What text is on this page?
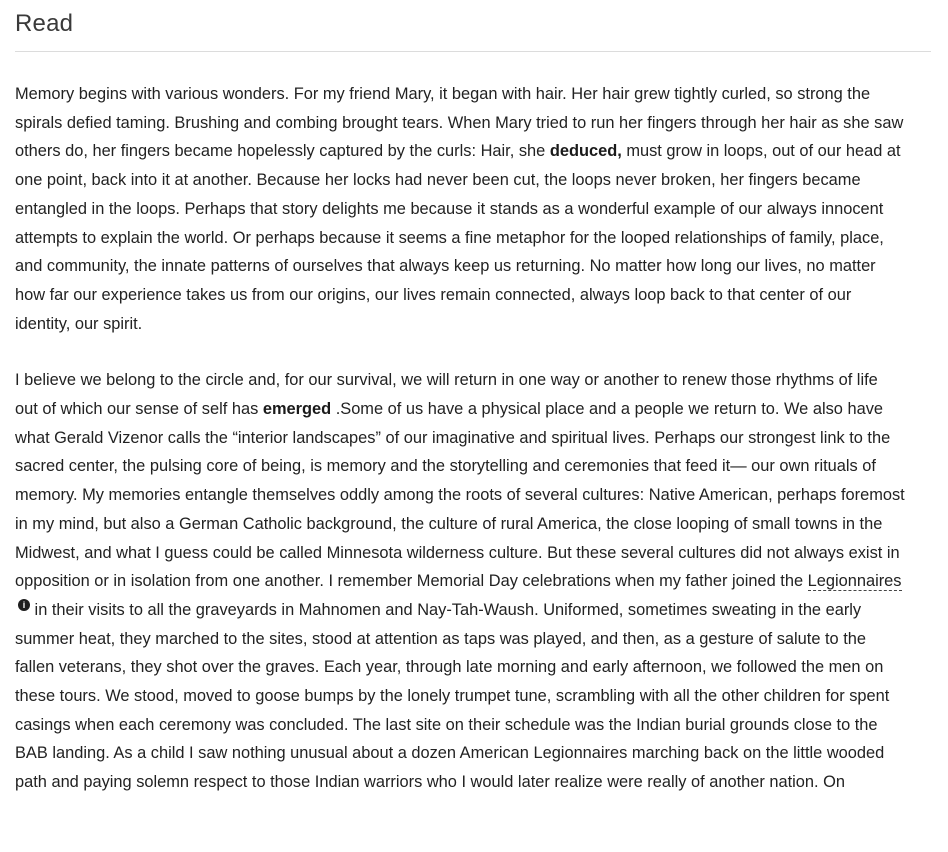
Read

Memory begins with various wonders. For my friend Mary, it began with hair. Her hair grew tightly curled, so strong the spirals defied taming. Brushing and combing brought tears. When Mary tried to run her fingers through her hair as she saw others do, her fingers became hopelessly captured by the curls: Hair, she deduced, must grow in loops, out of our head at one point, back into it at another. Because her locks had never been cut, the loops never broken, her fingers became entangled in the loops. Perhaps that story delights me because it stands as a wonderful example of our always innocent attempts to explain the world. Or perhaps because it seems a fine metaphor for the looped relationships of family, place, and community, the innate patterns of ourselves that always keep us returning. No matter how long our lives, no matter how far our experience takes us from our origins, our lives remain connected, always loop back to that center of our identity, our spirit.

I believe we belong to the circle and, for our survival, we will return in one way or another to renew those rhythms of life out of which our sense of self has emerged .Some of us have a physical place and a people we return to. We also have what Gerald Vizenor calls the “interior landscapes” of our imaginative and spiritual lives. Perhaps our strongest link to the sacred center, the pulsing core of being, is memory and the storytelling and ceremonies that feed it— our own rituals of memory. My memories entangle themselves oddly among the roots of several cultures: Native American, perhaps foremost in my mind, but also a German Catholic background, the culture of rural America, the close looping of small towns in the Midwest, and what I guess could be called Minnesota wilderness culture. But these several cultures did not always exist in opposition or in isolation from one another. I remember Memorial Day celebrations when my father joined the Legionnairesi in their visits to all the graveyards in Mahnomen and Nay-Tah-Waush. Uniformed, sometimes sweating in the early summer heat, they marched to the sites, stood at attention as taps was played, and then, as a gesture of salute to the fallen veterans, they shot over the graves. Each year, through late morning and early afternoon, we followed the men on these tours. We stood, moved to goose bumps by the lonely trumpet tune, scrambling with all the other children for spent casings when each ceremony was concluded. The last site on their schedule was the Indian burial grounds close to the BAB landing. As a child I saw nothing unusual about a dozen American Legionnaires marching back on the little wooded path and paying solemn respect to those Indian warriors who I would later realize were really of another nation. On
